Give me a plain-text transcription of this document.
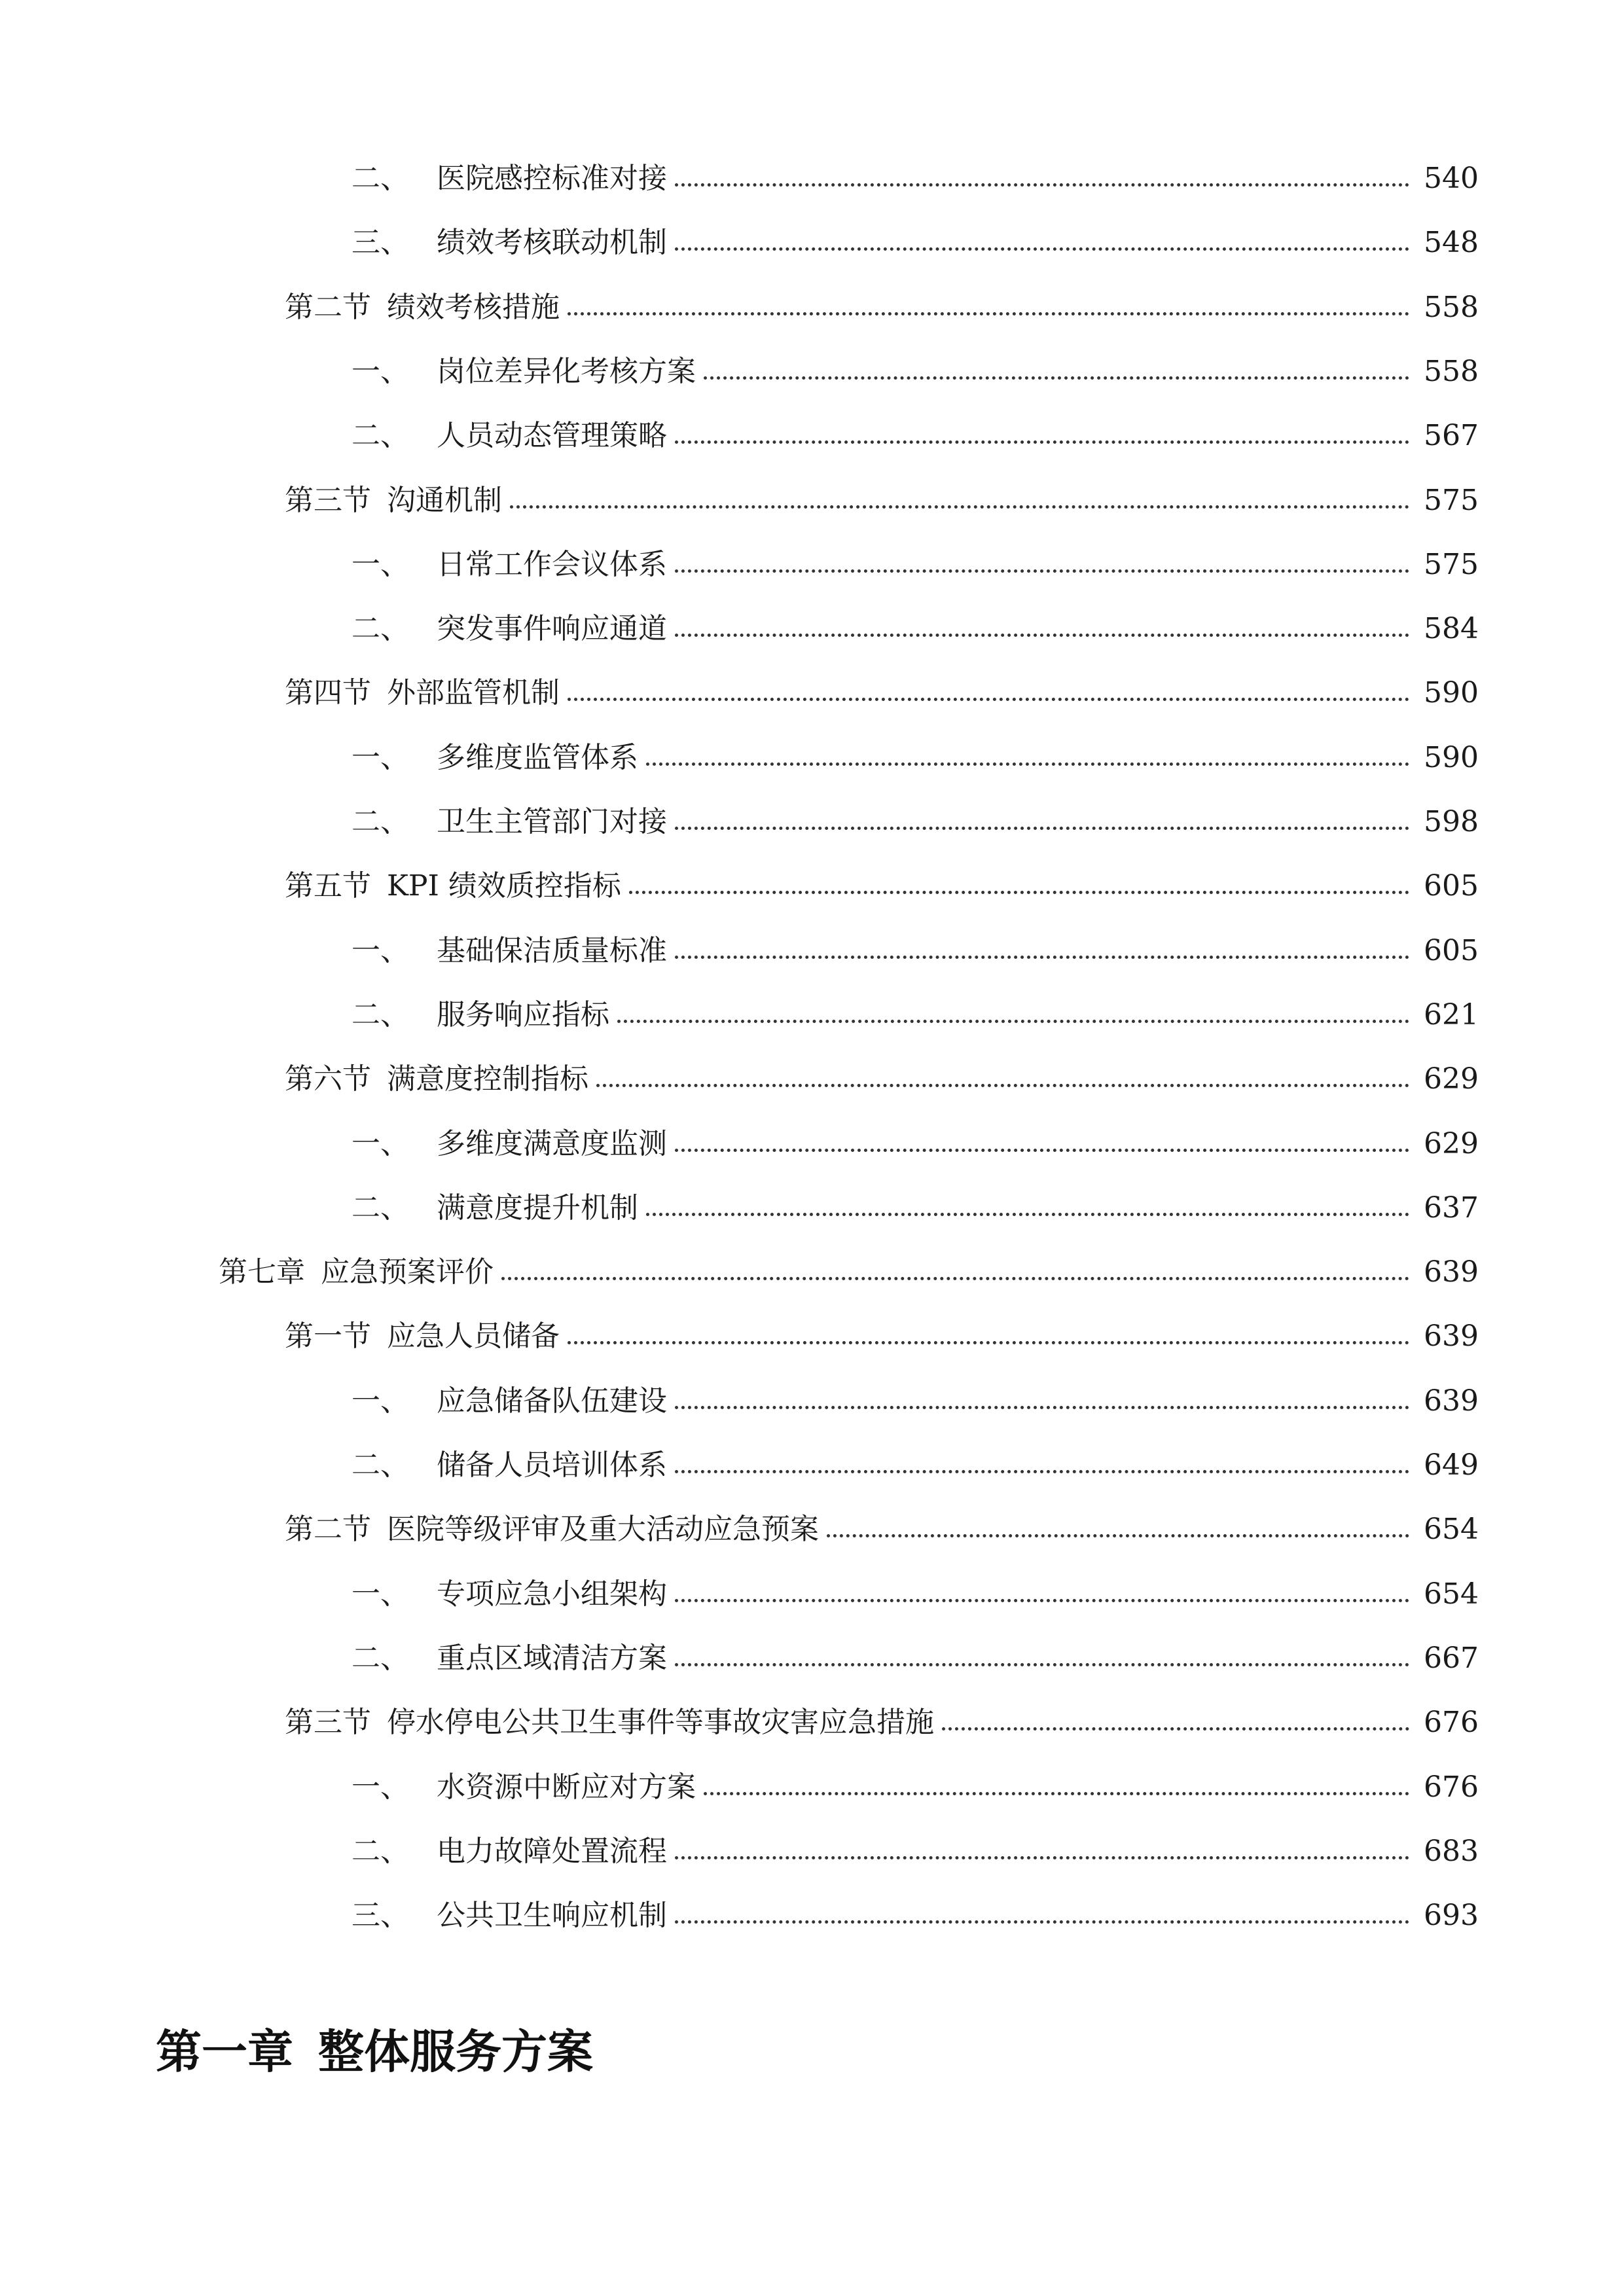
二、 医院感控标准对接	540
三、 绩效考核联动机制	548
第二节 绩效考核措施	558
一、 岗位差异化考核方案	558
二、 人员动态管理策略	567
第三节 沟通机制	575
一、 日常工作会议体系	575
二、 突发事件响应通道	584
第四节 外部监管机制	590
一、 多维度监管体系	590
二、 卫生主管部门对接	598
第五节 KPI 绩效质控指标	605
一、 基础保洁质量标准	605
二、 服务响应指标	621
第六节 满意度控制指标	629
一、 多维度满意度监测	629
二、 满意度提升机制	637
第七章 应急预案评价	639
第一节 应急人员储备	639
一、 应急储备队伍建设	639
二、 储备人员培训体系	649
第二节 医院等级评审及重大活动应急预案	654
一、 专项应急小组架构	654
二、 重点区域清洁方案	667
第三节 停水停电公共卫生事件等事故灾害应急措施	676
一、 水资源中断应对方案	676
二、 电力故障处置流程	683
三、 公共卫生响应机制	693
第一章 整体服务方案
